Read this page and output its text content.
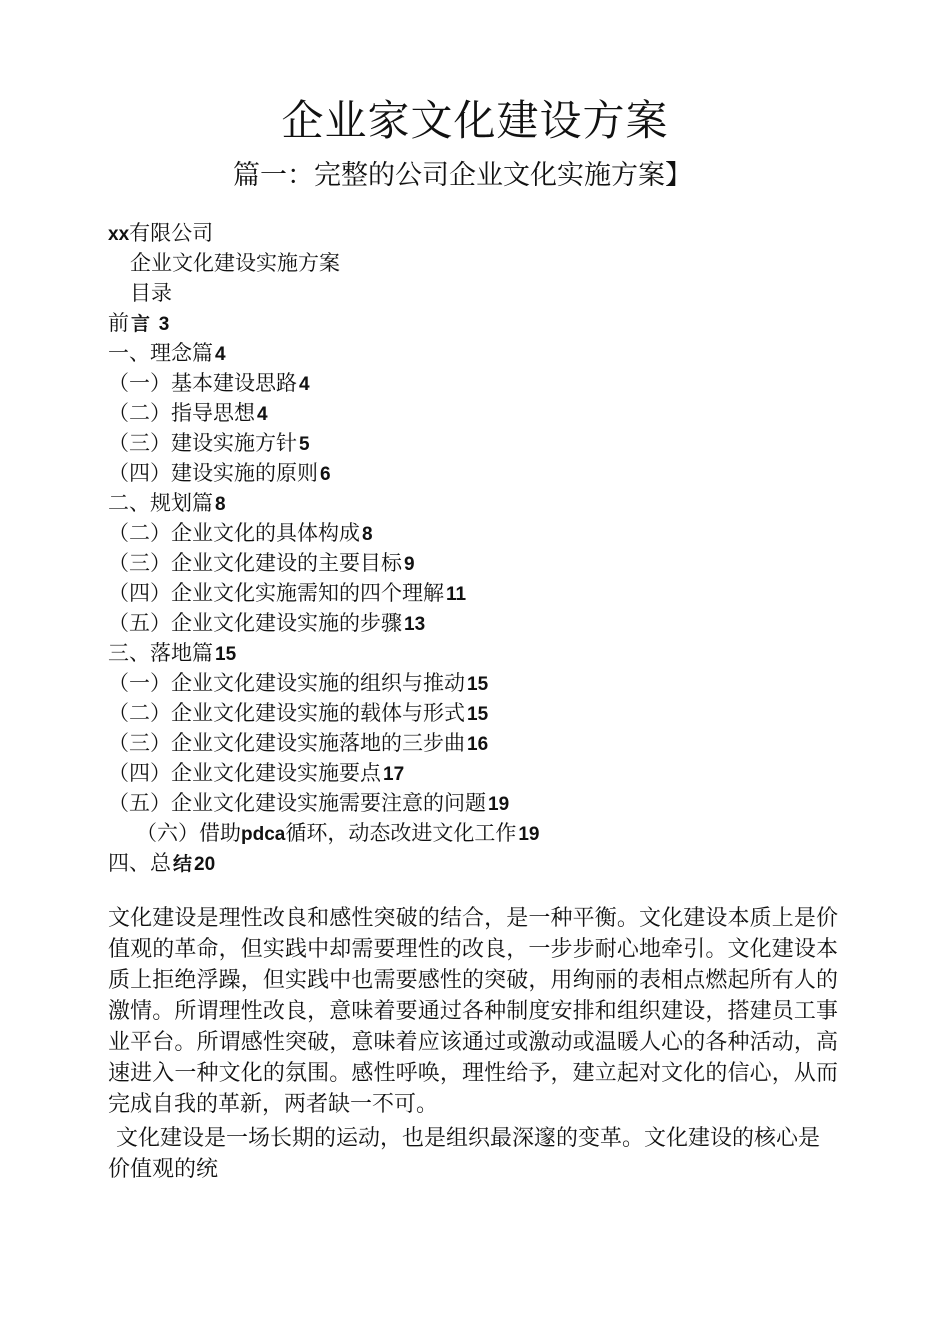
企业家文化建设方案
篇一：完整的公司企业文化实施方案】
xx有限公司
企业文化建设实施方案
目录
前 言 3
一、理念篇 4
（一）基本建设思路 4
（二）指导思想 4
（三）建设实施方针 5
（四）建设实施的原则 6
二、规划篇 8
（二）企业文化的具体构成 8
（三）企业文化建设的主要目标 9
（四）企业文化实施需知的四个理解 11
（五）企业文化建设实施的步骤 13
三、落地篇 15
（一）企业文化建设实施的组织与推动 15
（二）企业文化建设实施的载体与形式 15
（三）企业文化建设实施落地的三步曲 16
（四）企业文化建设实施要点 17
（五）企业文化建设实施需要注意的问题 19
（六）借助pdca循环，动态改进文化工作 19
四、总 结 20

文化建设是理性改良和感性突破的结合，是一种平衡。文化建设本质上是价值观的革命，但实践中却需要理性的改良，一步步耐心地牵引。文化建设本质上拒绝浮躁，但实践中也需要感性的突破，用绚丽的表相点燃起所有人的激情。所谓理性改良，意味着要通过各种制度安排和组织建设，搭建员工事业平台。所谓感性突破，意味着应该通过或激动或温暖人心的各种活动，高速进入一种文化的氛围。感性呼唤，理性给予，建立起对文化的信心，从而完成自我的革新，两者缺一不可。

文化建设是一场长期的运动，也是组织最深邃的变革。文化建设的核心是价值观的统
